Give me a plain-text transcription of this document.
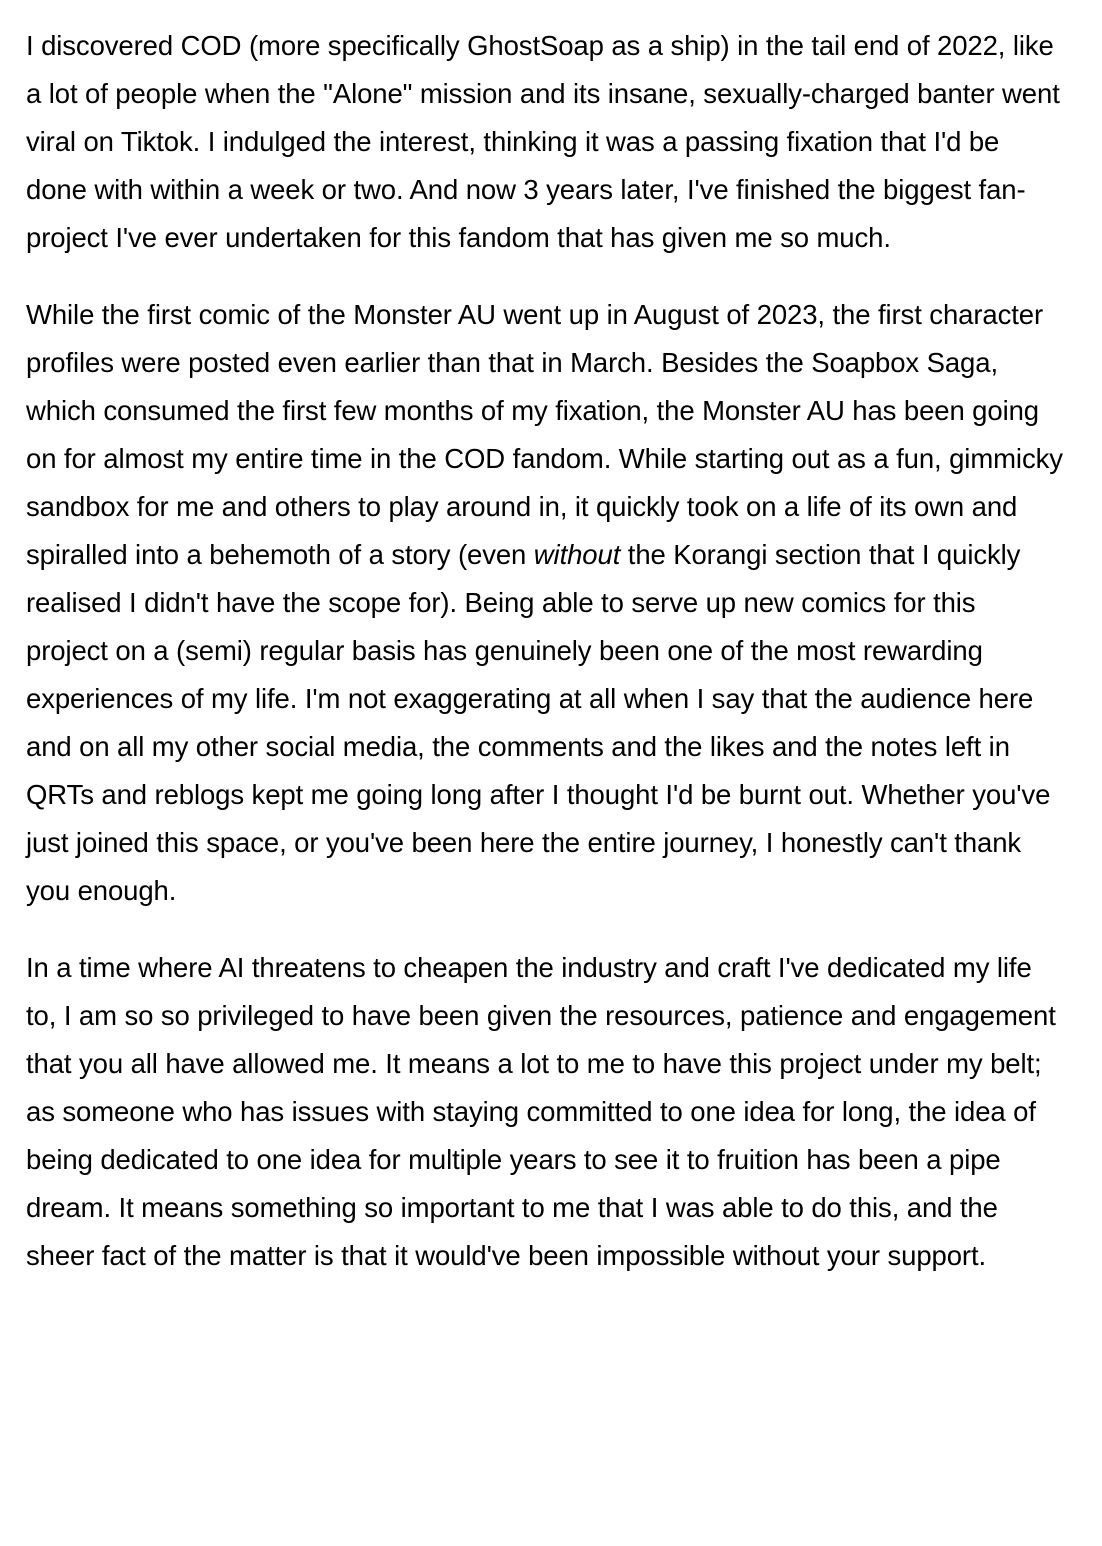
I discovered COD (more specifically GhostSoap as a ship) in the tail end of 2022, like a lot of people when the "Alone" mission and its insane, sexually-charged banter went viral on Tiktok. I indulged the interest, thinking it was a passing fixation that I'd be done with within a week or two. And now 3 years later, I've finished the biggest fan-project I've ever undertaken for this fandom that has given me so much.

While the first comic of the Monster AU went up in August of 2023, the first character profiles were posted even earlier than that in March. Besides the Soapbox Saga, which consumed the first few months of my fixation, the Monster AU has been going on for almost my entire time in the COD fandom. While starting out as a fun, gimmicky sandbox for me and others to play around in, it quickly took on a life of its own and spiralled into a behemoth of a story (even without the Korangi section that I quickly realised I didn't have the scope for). Being able to serve up new comics for this project on a (semi) regular basis has genuinely been one of the most rewarding experiences of my life. I'm not exaggerating at all when I say that the audience here and on all my other social media, the comments and the likes and the notes left in QRTs and reblogs kept me going long after I thought I'd be burnt out. Whether you've just joined this space, or you've been here the entire journey, I honestly can't thank you enough.

In a time where AI threatens to cheapen the industry and craft I've dedicated my life to, I am so so privileged to have been given the resources, patience and engagement that you all have allowed me. It means a lot to me to have this project under my belt; as someone who has issues with staying committed to one idea for long, the idea of being dedicated to one idea for multiple years to see it to fruition has been a pipe dream. It means something so important to me that I was able to do this, and the sheer fact of the matter is that it would've been impossible without your support.
